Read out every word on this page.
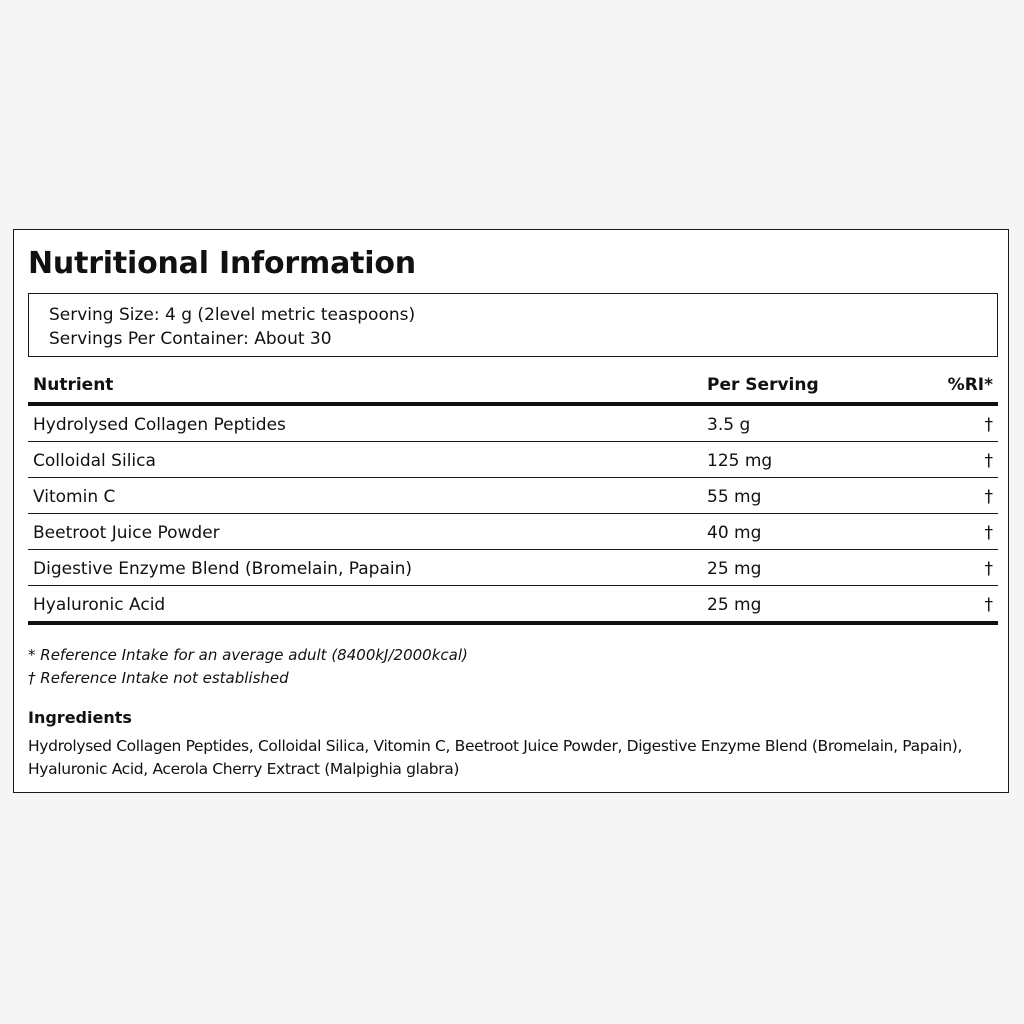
Nutritional Information
Serving Size: 4 g (2level metric teaspoons)
Servings Per Container: About 30
Nutrient	Per Serving	%RI*
Hydrolysed Collagen Peptides	3.5 g	†
Colloidal Silica	125 mg	†
Vitomin C	55 mg	†
Beetroot Juice Powder	40 mg	†
Digestive Enzyme Blend (Bromelain, Papain)	25 mg	†
Hyaluronic Acid	25 mg	†
* Reference Intake for an average adult (8400kJ/2000kcal)
† Reference Intake not established
Ingredients
Hydrolysed Collagen Peptides, Colloidal Silica, Vitomin C, Beetroot Juice Powder, Digestive Enzyme Blend (Bromelain, Papain), Hyaluronic Acid, Acerola Cherry Extract (Malpighia glabra)
